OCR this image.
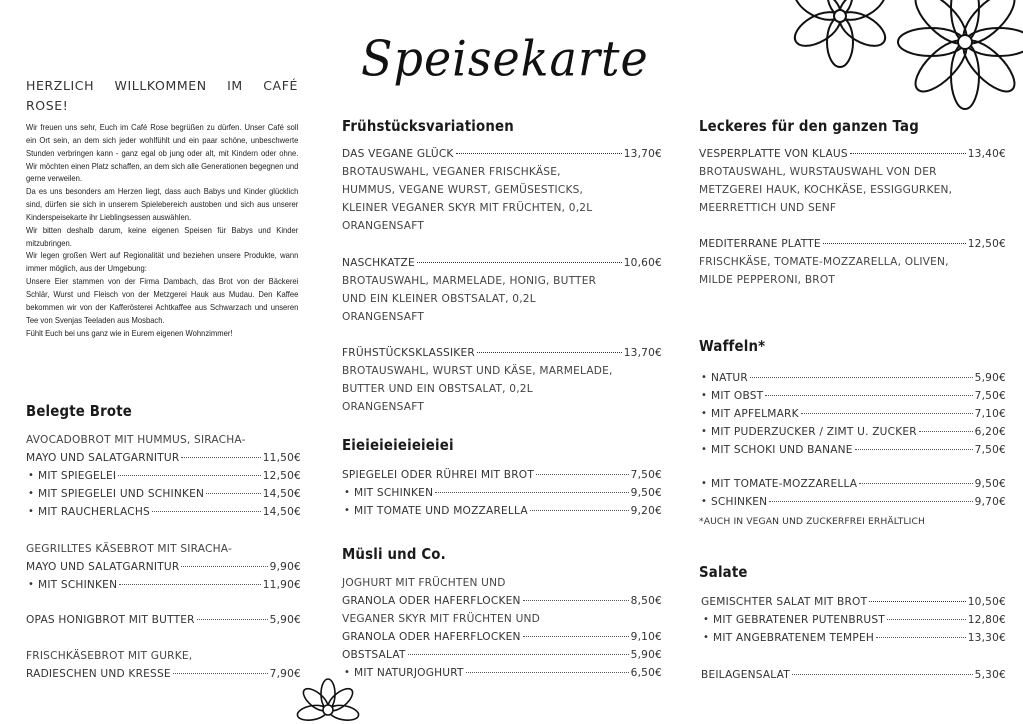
Speisekarte
HERZLICH WILLKOMMEN IM CAFÉ
ROSE!

Wir freuen uns sehr, Euch im Café Rose begrüßen zu dürfen. Unser Café soll ein Ort sein, an dem sich jeder wohlfühlt und ein paar schöne, unbeschwerte Stunden verbringen kann - ganz egal ob jung oder alt, mit Kindern oder ohne. Wir möchten einen Platz schaffen, an dem sich alle Generationen begegnen und gerne verweilen.

Da es uns besonders am Herzen liegt, dass auch Babys und Kinder glücklich sind, dürfen sie sich in unserem Spielebereich austoben und sich aus unserer Kinderspeisekarte ihr Lieblingsessen auswählen.

Wir bitten deshalb darum, keine eigenen Speisen für Babys und Kinder mitzubringen.

Wir legen großen Wert auf Regionalität und beziehen unsere Produkte, wann immer möglich, aus der Umgebung:

Unsere Eier stammen von der Firma Dambach, das Brot von der Bäckerei Schlär, Wurst und Fleisch von der Metzgerei Hauk aus Mudau. Den Kaffee bekommen wir von der Kafferösterei Achtkaffee aus Schwarzach und unseren Tee von Svenjas Teeladen aus Mosbach.

Fühlt Euch bei uns ganz wie in Eurem eigenen Wohnzimmer!

Belegte Brote
AVOCADOBROT MIT HUMMUS, SIRACHA-
MAYO UND SALATGARNITUR	11,50€
• MIT SPIEGELEI	12,50€
• MIT SPIEGELEI UND SCHINKEN	14,50€
• MIT RAUCHERLACHS	14,50€
GEGRILLTES KÄSEBROT MIT SIRACHA-
MAYO UND SALATGARNITUR	9,90€
• MIT SCHINKEN	11,90€
OPAS HONIGBROT MIT BUTTER	5,90€
FRISCHKÄSEBROT MIT GURKE,
RADIESCHEN UND KRESSE	7,90€
Frühstücksvariationen
DAS VEGANE GLÜCK	13,70€
BROTAUSWAHL, VEGANER FRISCHKÄSE,
HUMMUS, VEGANE WURST, GEMÜSESTICKS,
KLEINER VEGANER SKYR MIT FRÜCHTEN, 0,2L
ORANGENSAFT
NASCHKATZE	10,60€
BROTAUSWAHL, MARMELADE, HONIG, BUTTER
UND EIN KLEINER OBSTSALAT, 0,2L
ORANGENSAFT
FRÜHSTÜCKSKLASSIKER	13,70€
BROTAUSWAHL, WURST UND KÄSE, MARMELADE,
BUTTER UND EIN OBSTSALAT, 0,2L
ORANGENSAFT
Eieieieieieieiei
SPIEGELEI ODER RÜHREI MIT BROT	7,50€
• MIT SCHINKEN	9,50€
• MIT TOMATE UND MOZZARELLA	9,20€
Müsli und Co.
JOGHURT MIT FRÜCHTEN UND
GRANOLA ODER HAFERFLOCKEN	8,50€
VEGANER SKYR MIT FRÜCHTEN UND
GRANOLA ODER HAFERFLOCKEN	9,10€
OBSTSALAT	5,90€
• MIT NATURJOGHURT	6,50€
Leckeres für den ganzen Tag
VESPERPLATTE VON KLAUS	13,40€
BROTAUSWAHL, WURSTAUSWAHL VON DER
METZGEREI HAUK, KOCHKÄSE, ESSIGGURKEN,
MEERRETTICH UND SENF
MEDITERRANE PLATTE	12,50€
FRISCHKÄSE, TOMATE-MOZZARELLA, OLIVEN,
MILDE PEPPERONI, BROT
Waffeln*
• NATUR	5,90€
• MIT OBST	7,50€
• MIT APFELMARK	7,10€
• MIT PUDERZUCKER / ZIMT U. ZUCKER	6,20€
• MIT SCHOKI UND BANANE	7,50€
• MIT TOMATE-MOZZARELLA	9,50€
• SCHINKEN	9,70€
*AUCH IN VEGAN UND ZUCKERFREI ERHÄLTLICH
Salate
GEMISCHTER SALAT MIT BROT	10,50€
• MIT GEBRATENER PUTENBRUST	12,80€
• MIT ANGEBRATENEM TEMPEH	13,30€
BEILAGENSALAT	5,30€
